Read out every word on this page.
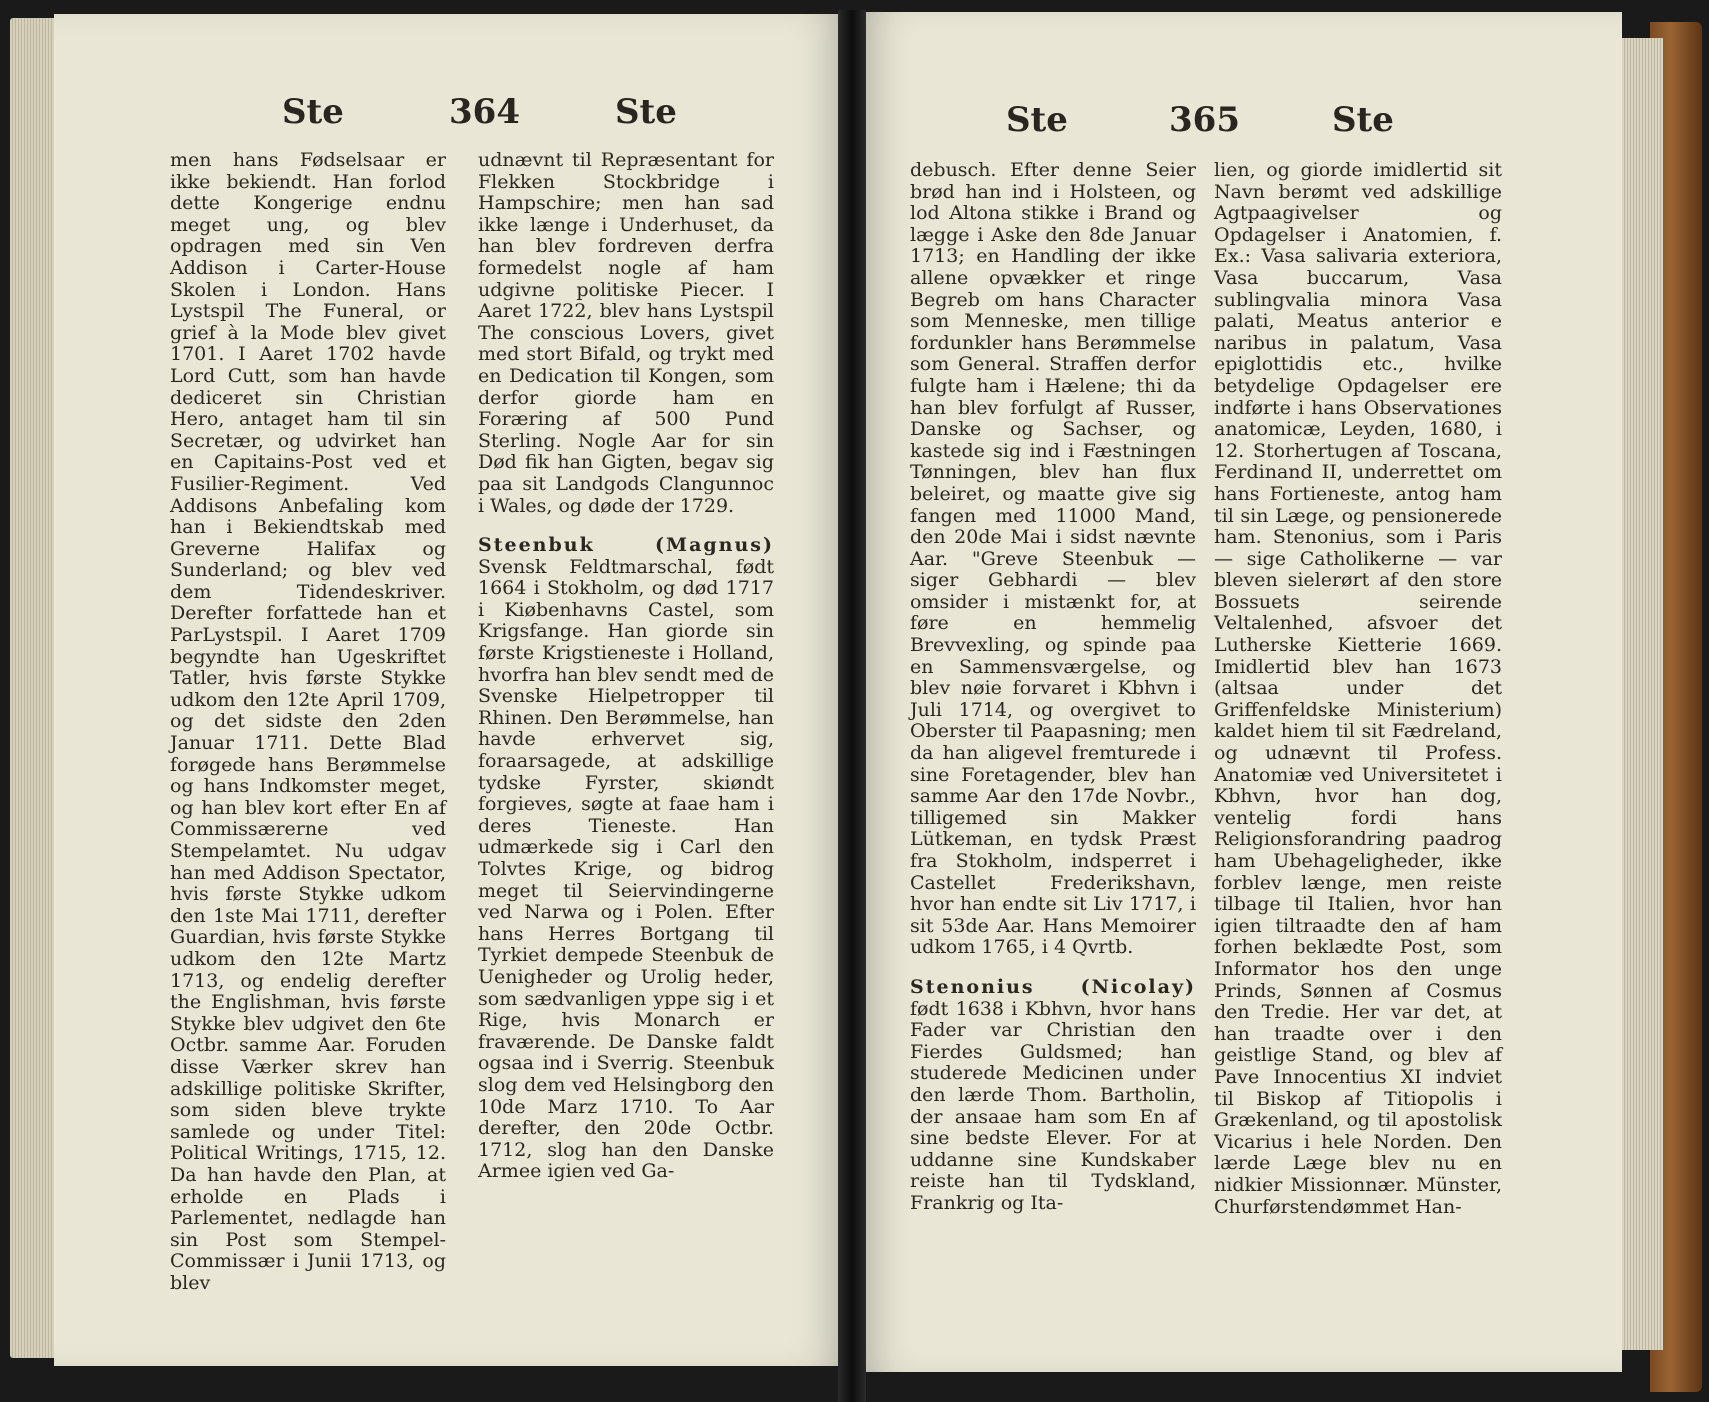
Ste	364	Ste

men hans Fødselsaar er ikke bekiendt. Han forlod dette Kongerige endnu meget ung, og blev opdragen med sin Ven Addison i Carter-House Skolen i London. Hans Lystspil The Funeral, or grief à la Mode blev givet 1701. I Aaret 1702 havde Lord Cutt, som han havde dediceret sin Christian Hero, antaget ham til sin Secretær, og udvirket han en Capitains-Post ved et Fusilier-Regiment. Ved Addisons Anbefaling kom han i Bekiendtskab med Greverne Halifax og Sunderland; og blev ved dem Tidendeskriver. Derefter forfattede han et ParLystspil. I Aaret 1709 begyndte han Ugeskriftet Tatler, hvis første Stykke udkom den 12te April 1709, og det sidste den 2den Januar 1711. Dette Blad forøgede hans Berømmelse og hans Indkomster meget, og han blev kort efter En af Commissærerne ved Stempelamtet. Nu udgav han med Addison Spectator, hvis første Stykke udkom den 1ste Mai 1711, derefter Guardian, hvis første Stykke udkom den 12te Martz 1713, og endelig derefter the Englishman, hvis første Stykke blev udgivet den 6te Octbr. samme Aar. Foruden disse Værker skrev han adskillige politiske Skrifter, som siden bleve trykte samlede og under Titel: Political Writings, 1715, 12. Da han havde den Plan, at erholde en Plads i Parlementet, nedlagde han sin Post som Stempel-Commissær i Junii 1713, og blev

udnævnt til Repræsentant for Flekken Stockbridge i Hampschire; men han sad ikke længe i Underhuset, da han blev fordreven derfra formedelst nogle af ham udgivne politiske Piecer. I Aaret 1722, blev hans Lystspil The conscious Lovers, givet med stort Bifald, og trykt med en Dedication til Kongen, som derfor giorde ham en Foræring af 500 Pund Sterling. Nogle Aar for sin Død fik han Gigten, begav sig paa sit Landgods Clangunnoc i Wales, og døde der 1729.

Steenbuk (Magnus) Svensk Feldtmarschal, født 1664 i Stokholm, og død 1717 i Kiøbenhavns Castel, som Krigsfange. Han giorde sin første Krigstieneste i Holland, hvorfra han blev sendt med de Svenske Hielpetropper til Rhinen. Den Berømmelse, han havde erhvervet sig, foraarsagede, at adskillige tydske Fyrster, skiøndt forgieves, søgte at faae ham i deres Tieneste. Han udmærkede sig i Carl den Tolvtes Krige, og bidrog meget til Seiervindingerne ved Narwa og i Polen. Efter hans Herres Bortgang til Tyrkiet dempede Steenbuk de Uenigheder og Urolig heder, som sædvanligen yppe sig i et Rige, hvis Monarch er fraværende. De Danske faldt ogsaa ind i Sverrig. Steenbuk slog dem ved Helsingborg den 10de Marz 1710. To Aar derefter, den 20de Octbr. 1712, slog han den Danske Armee igien ved Ga-

Ste	365	Ste

debusch. Efter denne Seier brød han ind i Holsteen, og lod Altona stikke i Brand og lægge i Aske den 8de Januar 1713; en Handling der ikke allene opvækker et ringe Begreb om hans Character som Menneske, men tillige fordunkler hans Berømmelse som General. Straffen derfor fulgte ham i Hælene; thi da han blev forfulgt af Russer, Danske og Sachser, og kastede sig ind i Fæstningen Tønningen, blev han flux beleiret, og maatte give sig fangen med 11000 Mand, den 20de Mai i sidst nævnte Aar. "Greve Steenbuk — siger Gebhardi — blev omsider i mistænkt for, at føre en hemmelig Brevvexling, og spinde paa en Sammensværgelse, og blev nøie forvaret i Kbhvn i Juli 1714, og overgivet to Oberster til Paapasning; men da han aligevel fremturede i sine Foretagender, blev han samme Aar den 17de Novbr., tilligemed sin Makker Lütkeman, en tydsk Præst fra Stokholm, indsperret i Castellet Frederikshavn, hvor han endte sit Liv 1717, i sit 53de Aar. Hans Memoirer udkom 1765, i 4 Qvrtb.

Stenonius (Nicolay) født 1638 i Kbhvn, hvor hans Fader var Christian den Fierdes Guldsmed; han studerede Medicinen under den lærde Thom. Bartholin, der ansaae ham som En af sine bedste Elever. For at uddanne sine Kundskaber reiste han til Tydskland, Frankrig og Ita-

lien, og giorde imidlertid sit Navn berømt ved adskillige Agtpaagivelser og Opdagelser i Anatomien, f. Ex.: Vasa salivaria exteriora, Vasa buccarum, Vasa sublingvalia minora Vasa palati, Meatus anterior e naribus in palatum, Vasa epiglottidis etc., hvilke betydelige Opdagelser ere indførte i hans Observationes anatomicæ, Leyden, 1680, i 12. Storhertugen af Toscana, Ferdinand II, underrettet om hans Fortieneste, antog ham til sin Læge, og pensionerede ham. Stenonius, som i Paris — sige Catholikerne — var bleven sielerørt af den store Bossuets seirende Veltalenhed, afsvoer det Lutherske Kietterie 1669. Imidlertid blev han 1673 (altsaa under det Griffenfeldske Ministerium) kaldet hiem til sit Fædreland, og udnævnt til Profess. Anatomiæ ved Universitetet i Kbhvn, hvor han dog, ventelig fordi hans Religionsforandring paadrog ham Ubehageligheder, ikke forblev længe, men reiste tilbage til Italien, hvor han igien tiltraadte den af ham forhen beklædte Post, som Informator hos den unge Prinds, Sønnen af Cosmus den Tredie. Her var det, at han traadte over i den geistlige Stand, og blev af Pave Innocentius XI indviet til Biskop af Titiopolis i Grækenland, og til apostolisk Vicarius i hele Norden. Den lærde Læge blev nu en nidkier Missionnær. Münster, Churførstendømmet Han-
